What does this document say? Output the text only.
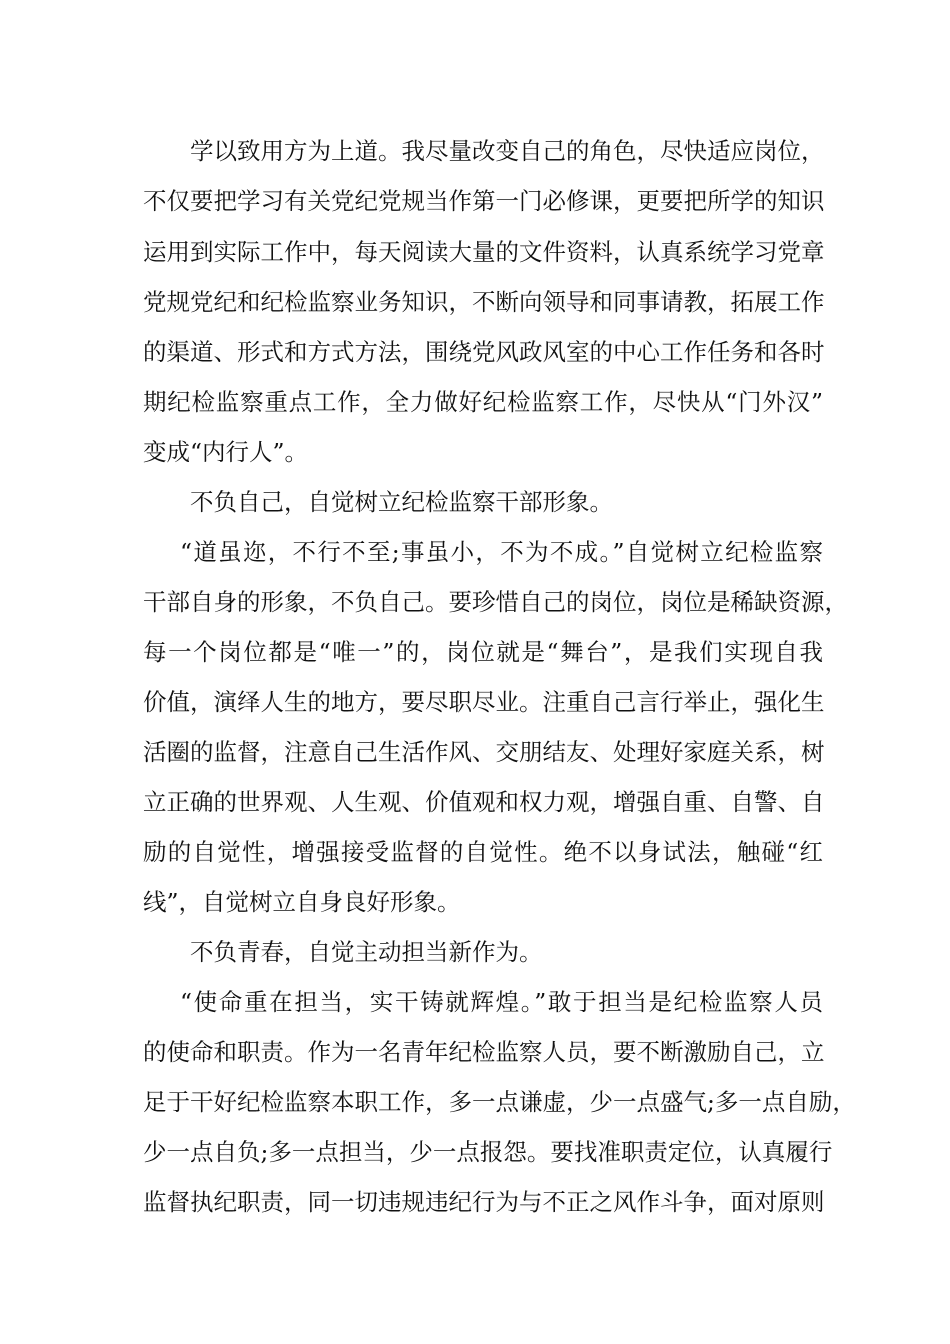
学以致用方为上道。我尽量改变自己的角色，尽快适应岗位，
不仅要把学习有关党纪党规当作第一门必修课，更要把所学的知识
运用到实际工作中，每天阅读大量的文件资料，认真系统学习党章
党规党纪和纪检监察业务知识，不断向领导和同事请教，拓展工作
的渠道、形式和方式方法，围绕党风政风室的中心工作任务和各时
期纪检监察重点工作，全力做好纪检监察工作，尽快从“门外汉”
变成“内行人”。
不负自己，自觉树立纪检监察干部形象。
“道虽迩，不行不至;事虽小，不为不成。”自觉树立纪检监察
干部自身的形象，不负自己。要珍惜自己的岗位，岗位是稀缺资源，
每一个岗位都是“唯一”的，岗位就是“舞台”，是我们实现自我
价值，演绎人生的地方，要尽职尽业。注重自己言行举止，强化生
活圈的监督，注意自己生活作风、交朋结友、处理好家庭关系，树
立正确的世界观、人生观、价值观和权力观，增强自重、自警、自
励的自觉性，增强接受监督的自觉性。绝不以身试法，触碰“红
线”，自觉树立自身良好形象。
不负青春，自觉主动担当新作为。
“使命重在担当，实干铸就辉煌。”敢于担当是纪检监察人员
的使命和职责。作为一名青年纪检监察人员，要不断激励自己，立
足于干好纪检监察本职工作，多一点谦虚，少一点盛气;多一点自励，
少一点自负;多一点担当，少一点报怨。要找准职责定位，认真履行
监督执纪职责，同一切违规违纪行为与不正之风作斗争，面对原则
